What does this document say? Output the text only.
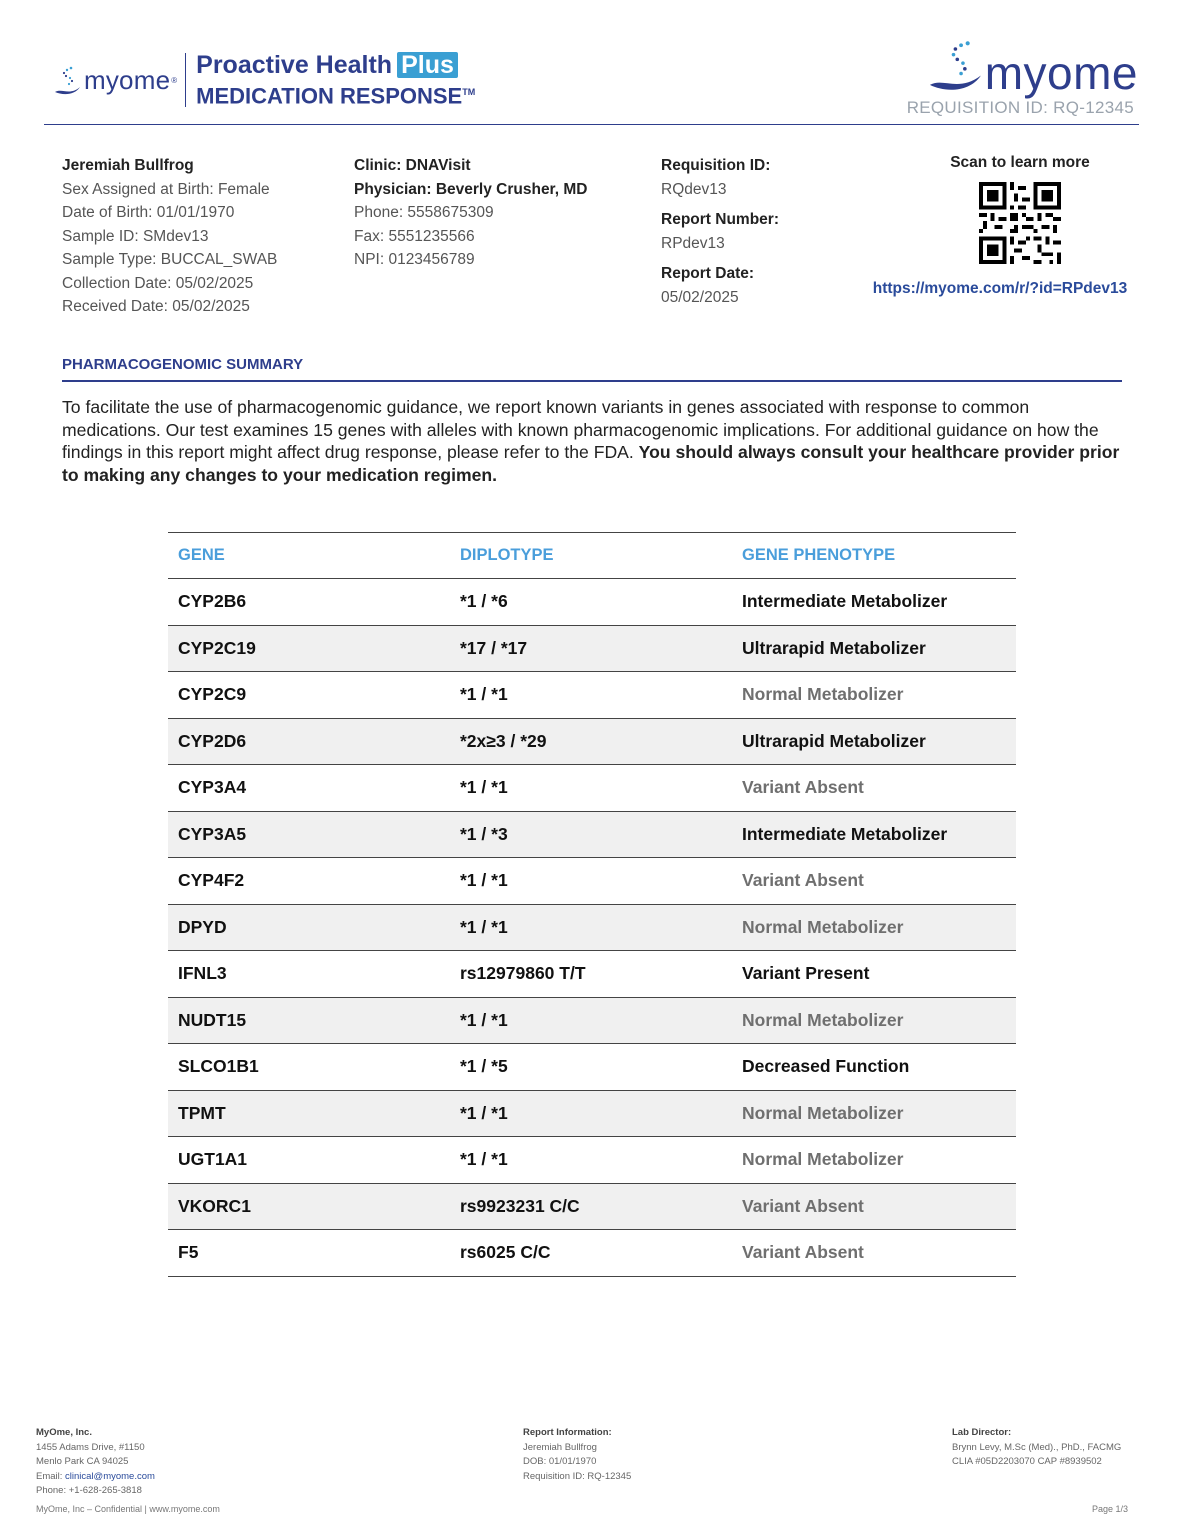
myome ®
Proactive Health Plus
MEDICATION RESPONSE™	myome
REQUISITION ID: RQ-12345
Jeremiah Bullfrog
Sex Assigned at Birth: Female
Date of Birth: 01/01/1970
Sample ID: SMdev13
Sample Type: BUCCAL_SWAB
Collection Date: 05/02/2025
Received Date: 05/02/2025
Clinic: DNAVisit
Physician: Beverly Crusher, MD
Phone: 5558675309
Fax: 5551235566
NPI: 0123456789
Requisition ID:
RQdev13
Report Number:
RPdev13
Report Date:
05/02/2025
Scan to learn more
https://myome.com/r/?id=RPdev13
PHARMACOGENOMIC SUMMARY
To facilitate the use of pharmacogenomic guidance, we report known variants in genes associated with response to common medications. Our test examines 15 genes with alleles with known pharmacogenomic implications. For additional guidance on how the findings in this report might affect drug response, please refer to the FDA. You should always consult your healthcare provider prior to making any changes to your medication regimen.
GENE	DIPLOTYPE	GENE PHENOTYPE
CYP2B6	*1 / *6	Intermediate Metabolizer
CYP2C19	*17 / *17	Ultrarapid Metabolizer
CYP2C9	*1 / *1	Normal Metabolizer
CYP2D6	*2x≥3 / *29	Ultrarapid Metabolizer
CYP3A4	*1 / *1	Variant Absent
CYP3A5	*1 / *3	Intermediate Metabolizer
CYP4F2	*1 / *1	Variant Absent
DPYD	*1 / *1	Normal Metabolizer
IFNL3	rs12979860 T/T	Variant Present
NUDT15	*1 / *1	Normal Metabolizer
SLCO1B1	*1 / *5	Decreased Function
TPMT	*1 / *1	Normal Metabolizer
UGT1A1	*1 / *1	Normal Metabolizer
VKORC1	rs9923231 C/C	Variant Absent
F5	rs6025 C/C	Variant Absent
MyOme, Inc.
1455 Adams Drive, #1150
Menlo Park CA 94025
Email: clinical@myome.com
Phone: +1-628-265-3818
Report Information:
Jeremiah Bullfrog
DOB: 01/01/1970
Requisition ID: RQ-12345
Lab Director:
Brynn Levy, M.Sc (Med)., PhD., FACMG
CLIA #05D2203070 CAP #8939502
MyOme, Inc – Confidential | www.myome.com	Page 1/3
